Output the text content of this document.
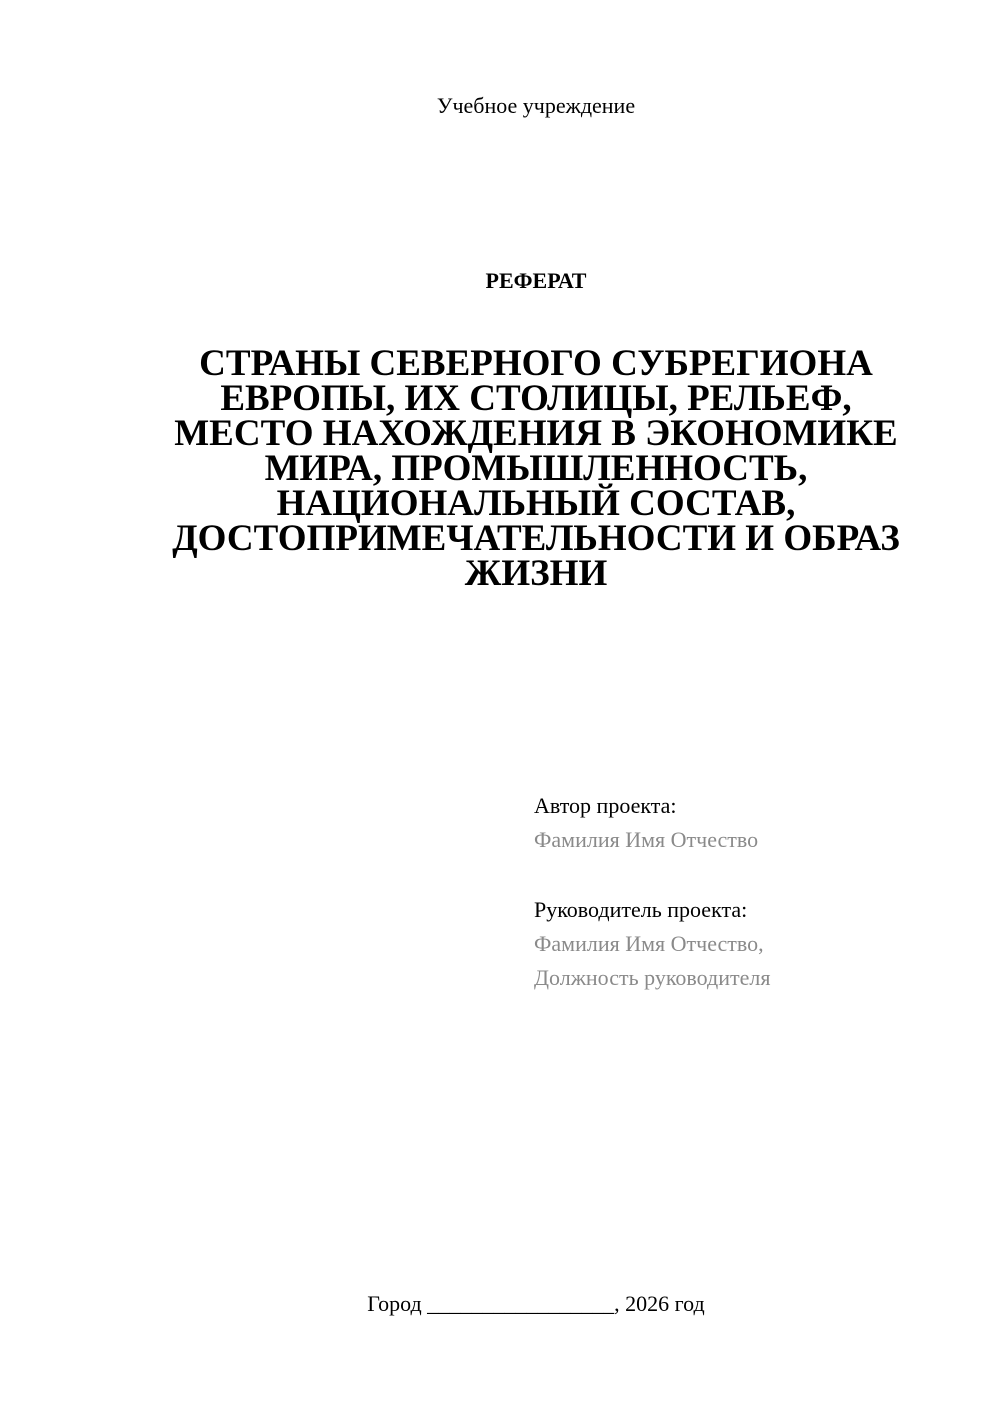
Учебное учреждение
РЕФЕРАТ
СТРАНЫ СЕВЕРНОГО СУБРЕГИОНА
ЕВРОПЫ, ИХ СТОЛИЦЫ, РЕЛЬЕФ,
МЕСТО НАХОЖДЕНИЯ В ЭКОНОМИКЕ
МИРА, ПРОМЫШЛЕННОСТЬ,
НАЦИОНАЛЬНЫЙ СОСТАВ,
ДОСТОПРИМЕЧАТЕЛЬНОСТИ И ОБРАЗ
ЖИЗНИ
Автор проекта:
Фамилия Имя Отчество
Руководитель проекта:
Фамилия Имя Отчество,
Должность руководителя
Город _________________, 2026 год
